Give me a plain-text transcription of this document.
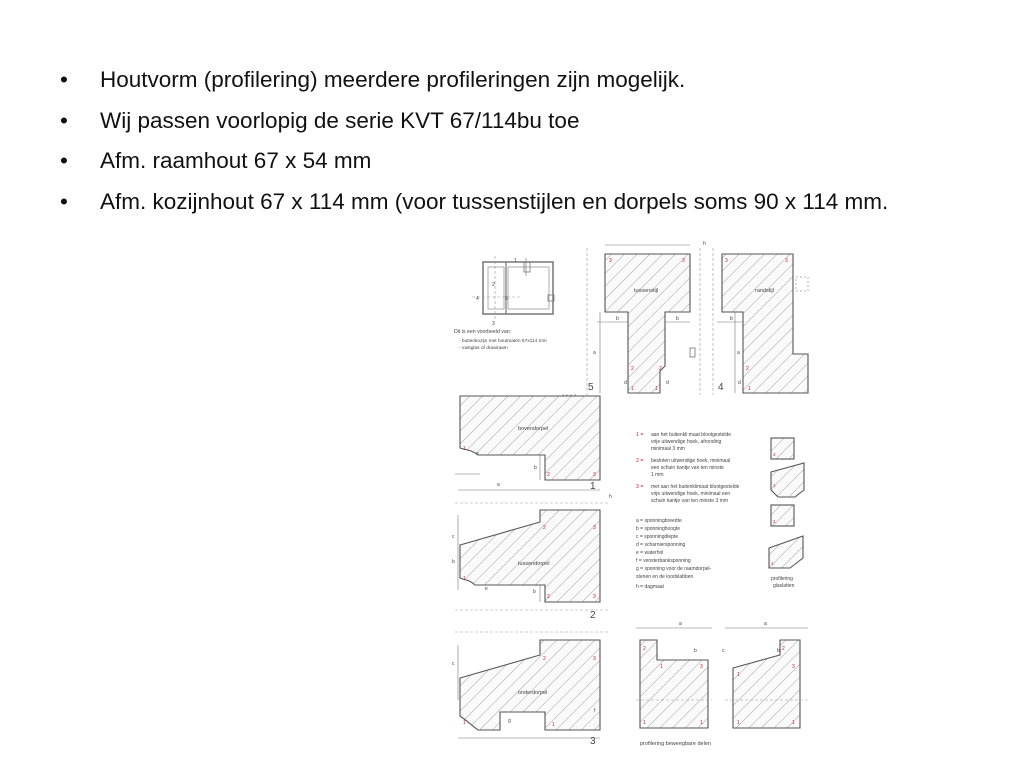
• Houtvorm (profilering) meerdere profileringen zijn mogelijk.
• Wij passen voorlopig de serie KVT 67/114bu toe
• Afm. raamhout 67 x 54 mm
• Afm. kozijnhout 67 x 114 mm (voor tussenstijlen en dorpels soms 90 x 114 mm.
1
2
3
4	5
Dit is een voorbeeld van:
- buitenkozijn met houtmaten 67x114 mm
- vastglas of draairaam
tussenstijl
b	b
a
d	d
h
3	3
2	2
1	1
5
randstijl
b
a
d
3	3
2
1
4
bovendorpel
e
b
a
h
1
2	3
1
tussendorpel
c
b
e	b
2	3
1
2	3
2
onderdorpel
c
g
f
2	3
1	1
3
1 = aan het buitenkli maat blootgestelde
vrije uitwendige hoek, afronding
minimaal 3 mm
2 = besloten uitwendige hoek, minimaal
een schuin kantje van ten minste
1 mm
3 = met aan het buitenklimaat blootgestelde
vrije uitwendige hoek, minimaal een
schuin kantje van ten minste 3 mm
a = sponningbreedte
b = sponninghoogte
c = sponningdiepte
d = scharniersponning
e = waterhol
f = vensterbanksponning
g = sponning voor de raamdorpel-
stenen en de loodslabben
h = dagmaat
3
1
2
1
profilering
glaslatten
a	a
b	c	b
2
1	3
1	1
1
2
3
1	1
profilering beweegbare delen
